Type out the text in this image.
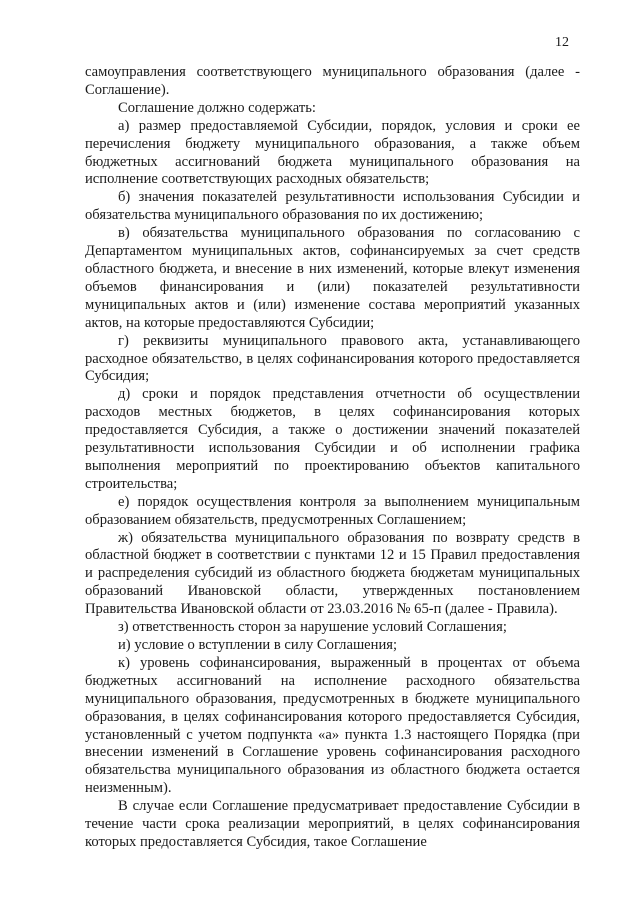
12

самоуправления соответствующего муниципального образования (далее - Соглашение).

Соглашение должно содержать:

а) размер предоставляемой Субсидии, порядок, условия и сроки ее перечисления бюджету муниципального образования, а также объем бюджетных ассигнований бюджета муниципального образования на исполнение соответствующих расходных обязательств;

б) значения показателей результативности использования Субсидии и обязательства муниципального образования по их достижению;

в) обязательства муниципального образования по согласованию с Департаментом муниципальных актов, софинансируемых за счет средств областного бюджета, и внесение в них изменений, которые влекут изменения объемов финансирования и (или) показателей результативности муниципальных актов и (или) изменение состава мероприятий указанных актов, на которые предоставляются Субсидии;

г) реквизиты муниципального правового акта, устанавливающего расходное обязательство, в целях софинансирования которого предоставляется Субсидия;

д) сроки и порядок представления отчетности об осуществлении расходов местных бюджетов, в целях софинансирования которых предоставляется Субсидия, а также о достижении значений показателей результативности использования Субсидии и об исполнении графика выполнения мероприятий по проектированию объектов капитального строительства;

е) порядок осуществления контроля за выполнением муниципальным образованием обязательств, предусмотренных Соглашением;

ж) обязательства муниципального образования по возврату средств в областной бюджет в соответствии с пунктами 12 и 15 Правил предоставления и распределения субсидий из областного бюджета бюджетам муниципальных образований Ивановской области, утвержденных постановлением Правительства Ивановской области от 23.03.2016 № 65-п (далее - Правила).

з) ответственность сторон за нарушение условий Соглашения;

и) условие о вступлении в силу Соглашения;

к) уровень софинансирования, выраженный в процентах от объема бюджетных ассигнований на исполнение расходного обязательства муниципального образования, предусмотренных в бюджете муниципального образования, в целях софинансирования которого предоставляется Субсидия, установленный с учетом подпункта «а» пункта 1.3 настоящего Порядка (при внесении изменений в Соглашение уровень софинансирования расходного обязательства муниципального образования из областного бюджета остается неизменным).

В случае если Соглашение предусматривает предоставление Субсидии в течение части срока реализации мероприятий, в целях софинансирования которых предоставляется Субсидия, такое Соглашение
